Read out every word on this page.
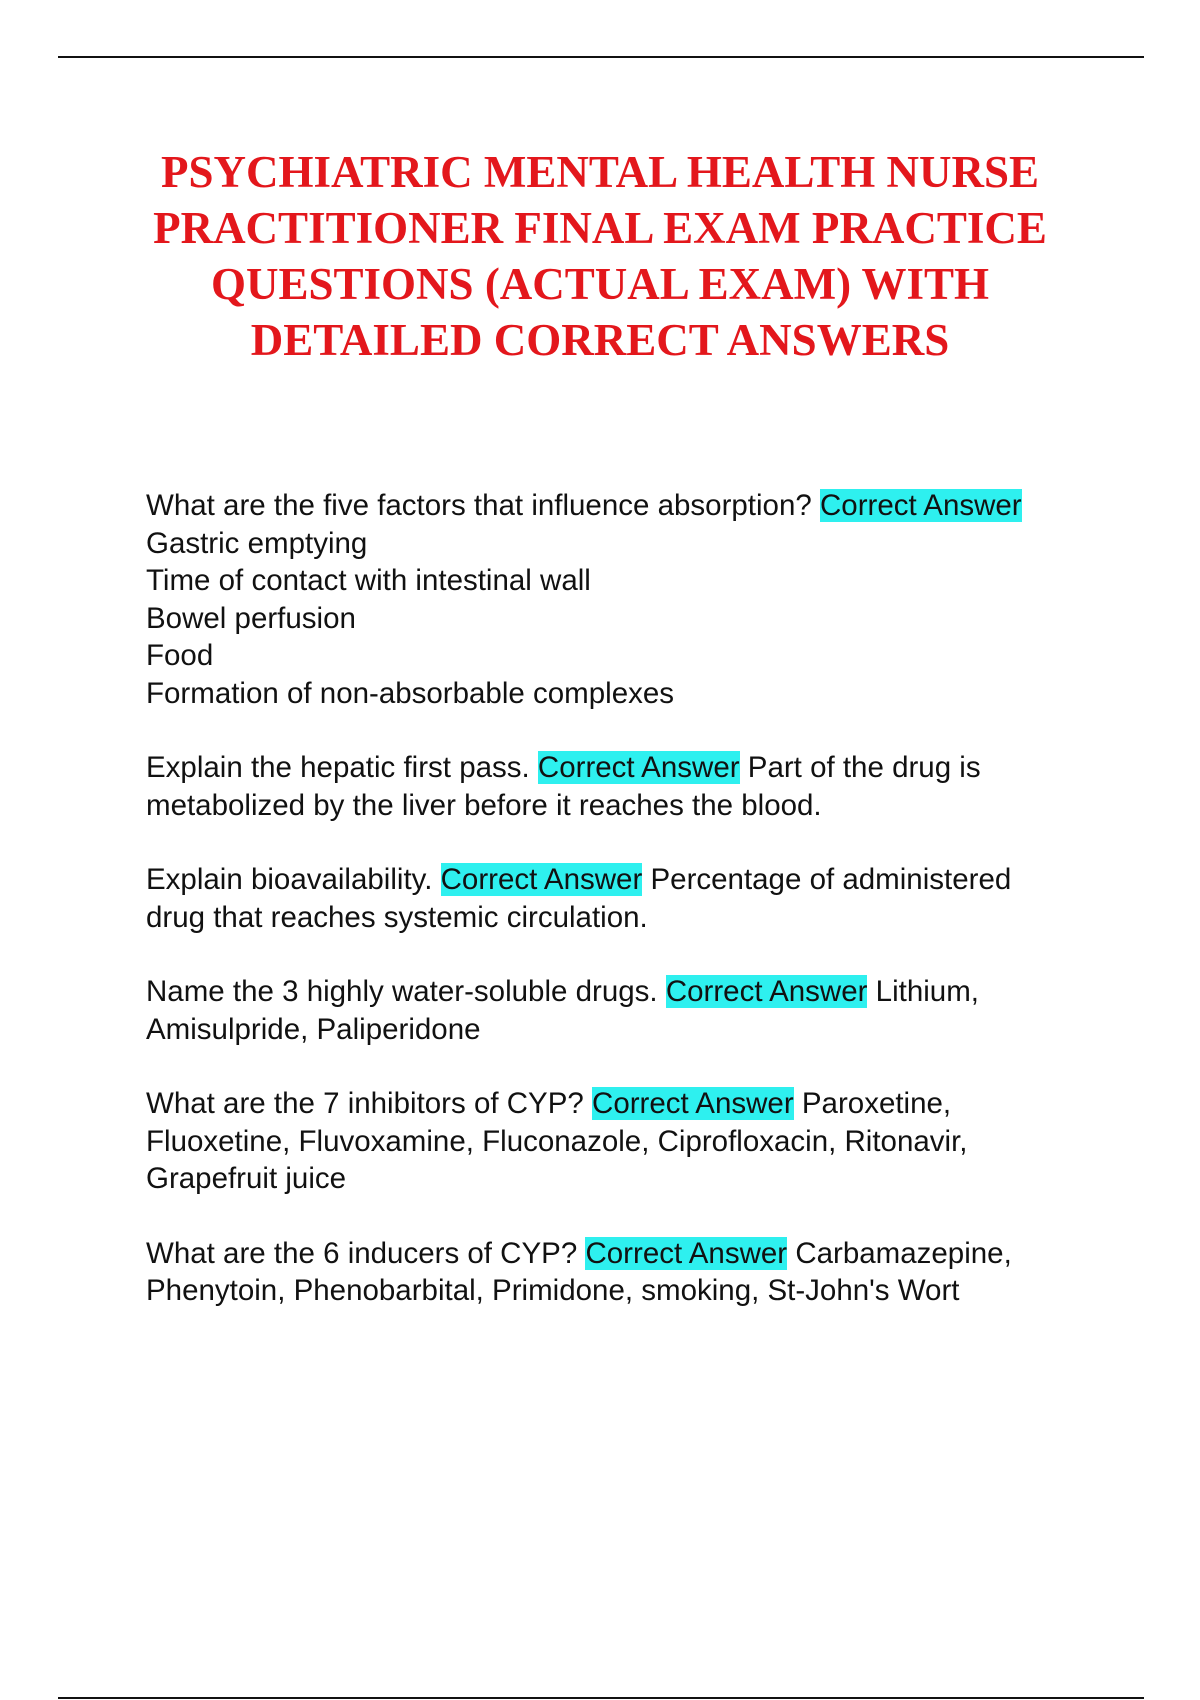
PSYCHIATRIC MENTAL HEALTH NURSE PRACTITIONER FINAL EXAM PRACTICE QUESTIONS (ACTUAL EXAM) WITH DETAILED CORRECT ANSWERS

What are the five factors that influence absorption? Correct Answer Gastric emptying
Time of contact with intestinal wall
Bowel perfusion
Food
Formation of non-absorbable complexes

Explain the hepatic first pass. Correct Answer Part of the drug is metabolized by the liver before it reaches the blood.

Explain bioavailability. Correct Answer Percentage of administered drug that reaches systemic circulation.

Name the 3 highly water-soluble drugs. Correct Answer Lithium, Amisulpride, Paliperidone

What are the 7 inhibitors of CYP? Correct Answer Paroxetine, Fluoxetine, Fluvoxamine, Fluconazole, Ciprofloxacin, Ritonavir, Grapefruit juice

What are the 6 inducers of CYP? Correct Answer Carbamazepine, Phenytoin, Phenobarbital, Primidone, smoking, St-John's Wort
